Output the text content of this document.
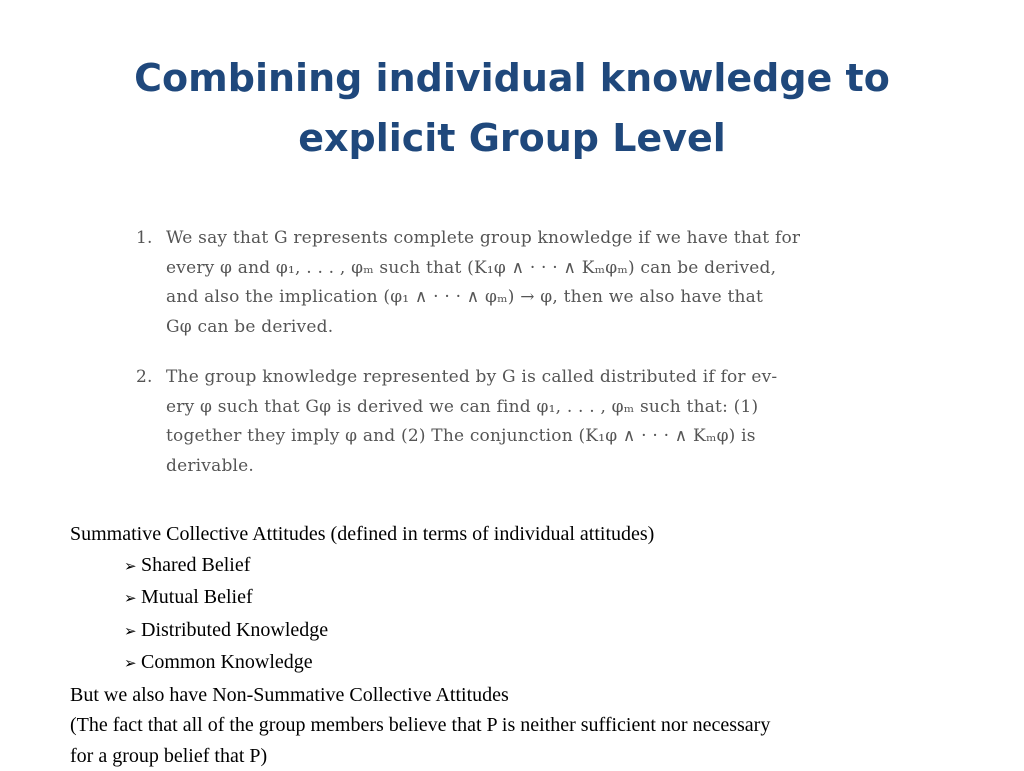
Combining individual knowledge to
explicit Group Level
1. We say that G represents complete group knowledge if we have that for
every φ and φ₁, . . . , φₘ such that (K₁φ ∧ · · · ∧ Kₘφₘ) can be derived,
and also the implication (φ₁ ∧ · · · ∧ φₘ) → φ, then we also have that
Gφ can be derived.
2. The group knowledge represented by G is called distributed if for ev-
ery φ such that Gφ is derived we can find φ₁, . . . , φₘ such that: (1)
together they imply φ and (2) The conjunction (K₁φ ∧ · · · ∧ Kₘφ) is
derivable.
Summative Collective Attitudes (defined in terms of individual attitudes)
➢ Shared Belief
➢ Mutual Belief
➢ Distributed Knowledge
➢ Common Knowledge
But we also have Non-Summative Collective Attitudes
(The fact that all of the group members believe that P is neither sufficient nor necessary
for a group belief that P)
